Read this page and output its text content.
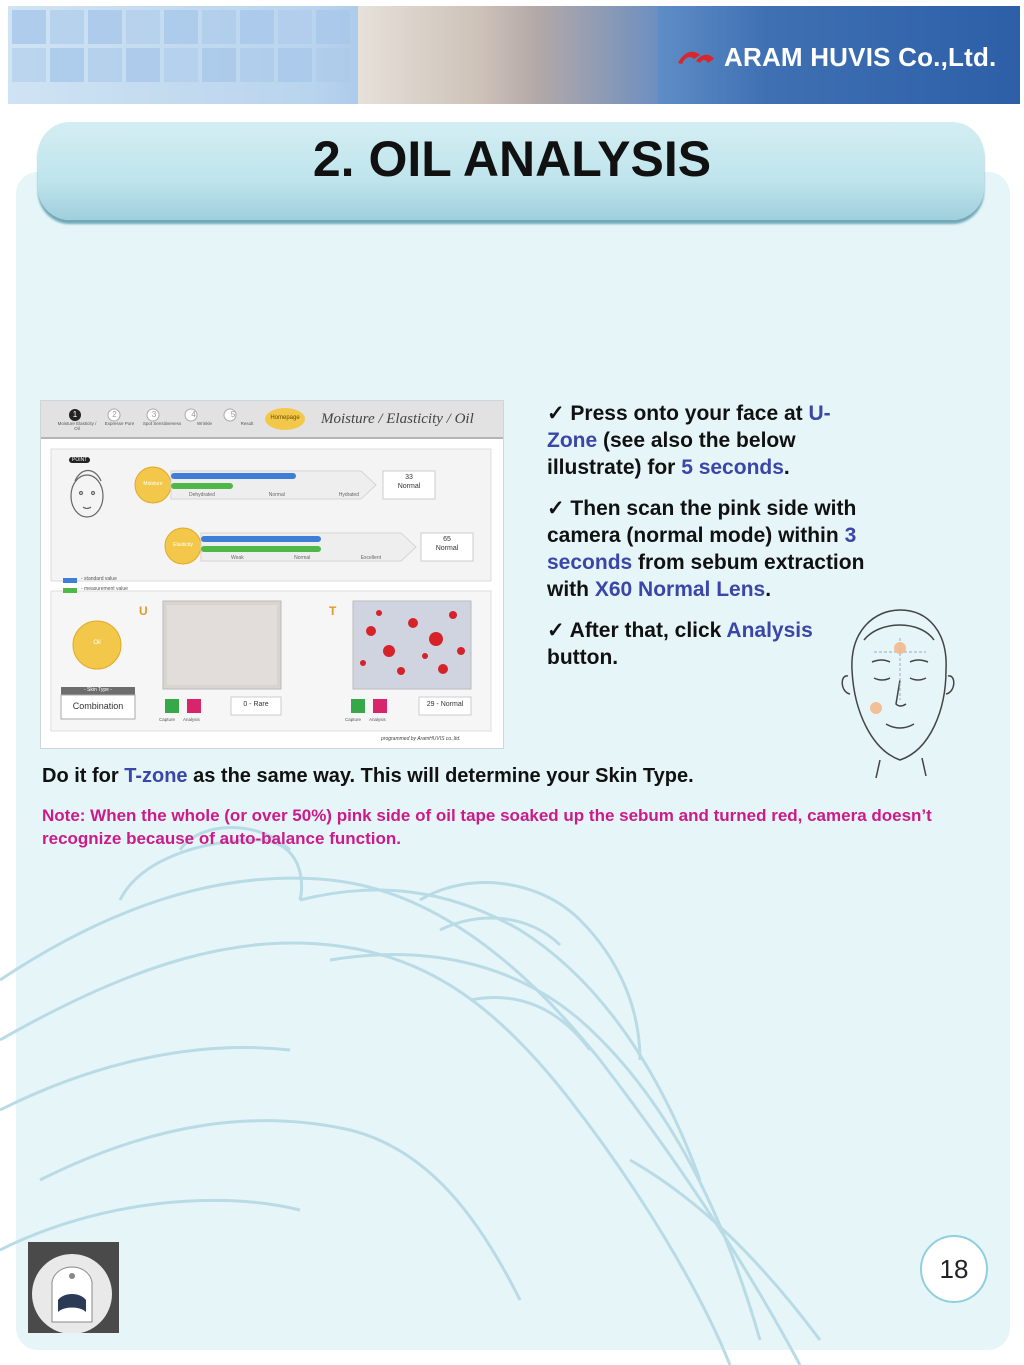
ARAM HUVIS Co.,Ltd.
2. OIL ANALYSIS
Moisture Elasticity / Oil
Expresse Pore	Spot Sensitiveness	Wrinkle	Result
1	2	3	4	5	Homepage Moisture / Elasticity / Oil
POINT
Moisture
Dehydrated	Normal	Hydrated
33
Normal
Elasticity
Weak	Normal	Excellent
65
Normal
- standard value
- measurement value
Oil
- Skin Type -
Combination
U	T
Capture Analysis
0 - Rare
Capture Analysis
29 - Normal
programmed by AramHUVIS co.,ltd.

✓ Press onto your face at U-Zone (see also the below illustrate) for 5 seconds.

✓ Then scan the pink side with camera (normal mode) within 3 seconds from sebum extraction with X60 Normal Lens.

✓ After that, click Analysis button.

Do it for T-zone as the same way. This will determine your Skin Type.
Note: When the whole (or over 50%) pink side of oil tape soaked up the sebum and turned red, camera doesn’t recognize because of auto-balance function.
18
